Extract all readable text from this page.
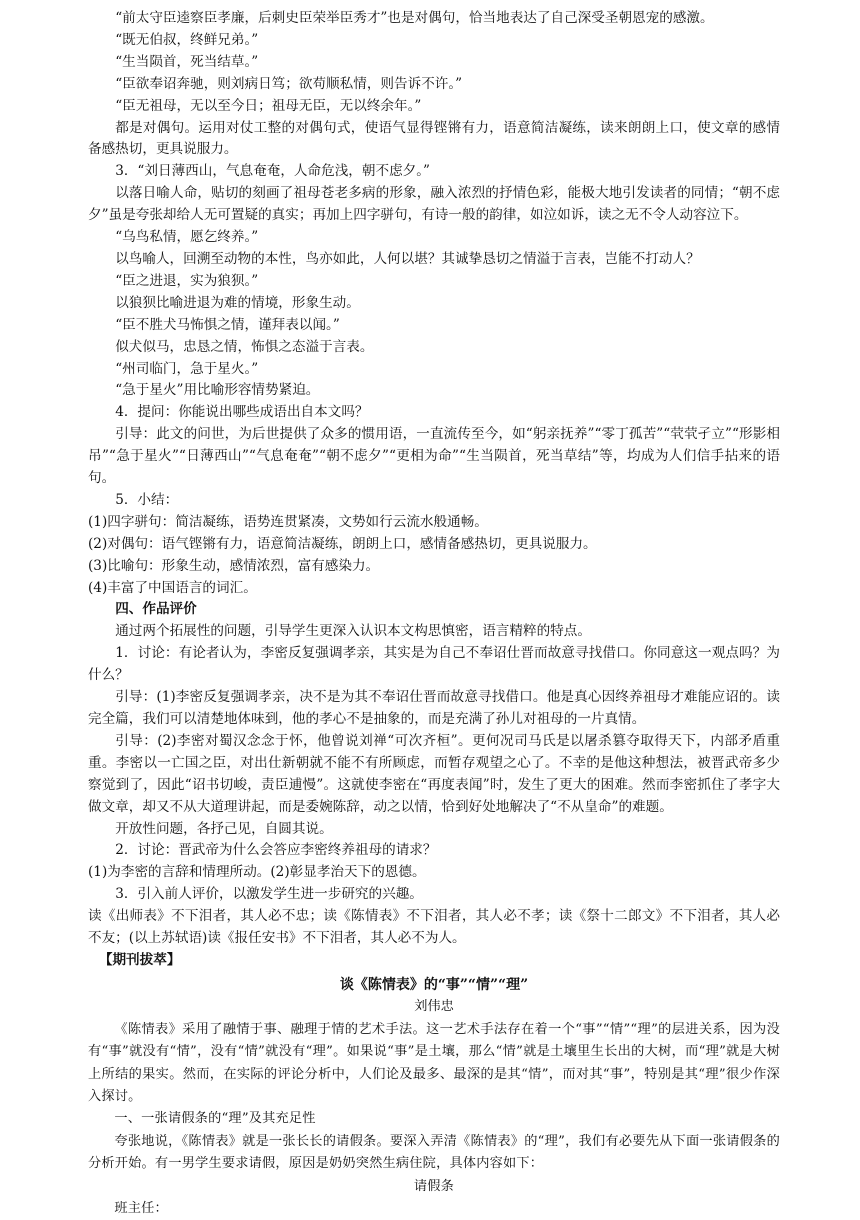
“前太守臣逵察臣孝廉，后刺史臣荣举臣秀才”也是对偶句，恰当地表达了自己深受圣朝恩宠的感激。

“既无伯叔，终鲜兄弟。”

“生当陨首，死当结草。”

“臣欲奉诏奔驰，则刘病日笃；欲苟顺私情，则告诉不许。”

“臣无祖母，无以至今日；祖母无臣，无以终余年。”

都是对偶句。运用对仗工整的对偶句式，使语气显得铿锵有力，语意简洁凝练，读来朗朗上口，使文章的感情备感热切，更具说服力。

3．“刘日薄西山，气息奄奄，人命危浅，朝不虑夕。”

以落日喻人命，贴切的刻画了祖母苍老多病的形象，融入浓烈的抒情色彩，能极大地引发读者的同情；“朝不虑夕”虽是夸张却给人无可置疑的真实；再加上四字骈句，有诗一般的韵律，如泣如诉，读之无不令人动容泣下。

“乌鸟私情，愿乞终养。”

以鸟喻人，回溯至动物的本性，鸟亦如此，人何以堪？其诚挚恳切之情溢于言表，岂能不打动人？

“臣之进退，实为狼狈。”

以狼狈比喻进退为难的情境，形象生动。

“臣不胜犬马怖惧之情，谨拜表以闻。”

似犬似马，忠恳之情，怖惧之态溢于言表。

“州司临门，急于星火。”

“急于星火”用比喻形容情势紧迫。

4．提问：你能说出哪些成语出自本文吗？

引导：此文的问世，为后世提供了众多的惯用语，一直流传至今，如“躬亲抚养”“零丁孤苦”“茕茕孑立”“形影相吊”“急于星火”“日薄西山”“气息奄奄”“朝不虑夕”“更相为命”“生当陨首，死当草结”等，均成为人们信手拈来的语句。

5．小结：

(1)四字骈句：简洁凝练，语势连贯紧凑，文势如行云流水般通畅。

(2)对偶句：语气铿锵有力，语意简洁凝练，朗朗上口，感情备感热切，更具说服力。

(3)比喻句：形象生动，感情浓烈，富有感染力。

(4)丰富了中国语言的词汇。

四、作品评价

通过两个拓展性的问题，引导学生更深入认识本文构思慎密，语言精粹的特点。

1．讨论：有论者认为，李密反复强调孝亲，其实是为自己不奉诏仕晋而故意寻找借口。你同意这一观点吗？为什么？

引导：(1)李密反复强调孝亲，决不是为其不奉诏仕晋而故意寻找借口。他是真心因终养祖母才难能应诏的。读完全篇，我们可以清楚地体味到，他的孝心不是抽象的，而是充满了孙儿对祖母的一片真情。

引导：(2)李密对蜀汉念念于怀，他曾说刘禅“可次齐桓”。更何况司马氏是以屠杀篡夺取得天下，内部矛盾重重。李密以一亡国之臣，对出仕新朝就不能不有所顾虑，而暂存观望之心了。不幸的是他这种想法，被晋武帝多少察觉到了，因此“诏书切峻，责臣逋慢”。这就使李密在“再度表闻”时，发生了更大的困难。然而李密抓住了孝字大做文章，却又不从大道理讲起，而是委婉陈辞，动之以情，恰到好处地解决了“不从皇命”的难题。

开放性问题，各抒己见，自圆其说。

2．讨论：晋武帝为什么会答应李密终养祖母的请求？

(1)为李密的言辞和情理所动。(2)彰显孝治天下的恩德。

3．引入前人评价，以激发学生进一步研究的兴趣。

读《出师表》不下泪者，其人必不忠；读《陈情表》不下泪者，其人必不孝；读《祭十二郎文》不下泪者，其人必不友；(以上苏轼语)读《报任安书》不下泪者，其人必不为人。

【期刊拔萃】

谈《陈情表》的“事”“情”“理”

刘伟忠

《陈情表》采用了融情于事、融理于情的艺术手法。这一艺术手法存在着一个“事”“情”“理”的层进关系，因为没有“事”就没有“情”，没有“情”就没有“理”。如果说“事”是土壤，那么“情”就是土壤里生长出的大树，而“理”就是大树上所结的果实。然而，在实际的评论分析中，人们论及最多、最深的是其“情”，而对其“事”，特别是其“理”很少作深入探讨。

一、一张请假条的“理”及其充足性

夸张地说，《陈情表》就是一张长长的请假条。要深入弄清《陈情表》的“理”，我们有必要先从下面一张请假条的分析开始。有一男学生要求请假，原因是奶奶突然生病住院，具体内容如下：

请假条

班主任：
